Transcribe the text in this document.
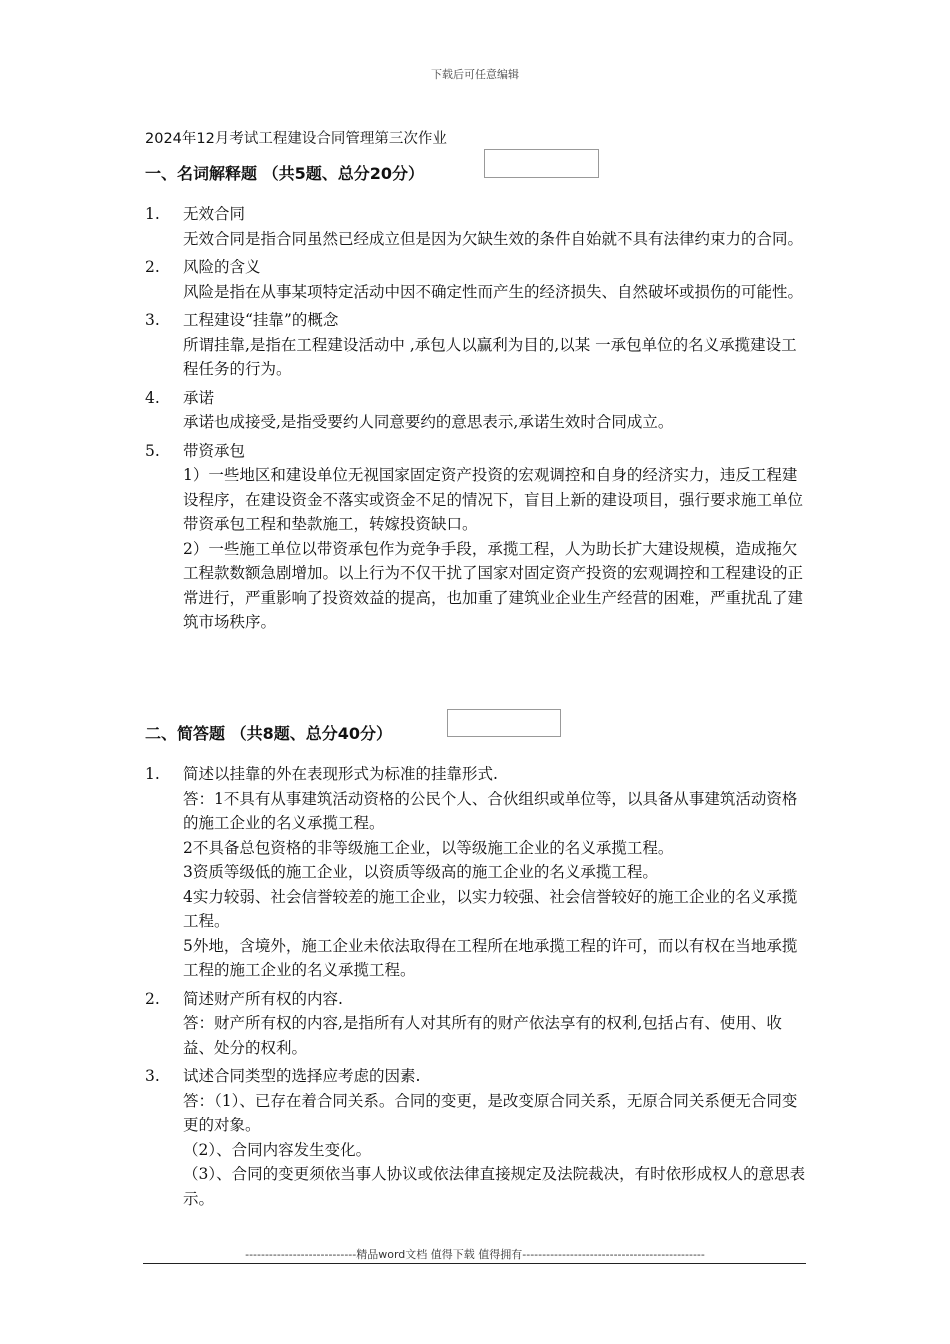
下载后可任意编辑
2024年12月考试工程建设合同管理第三次作业
一、名词解释题 （共5题、总分20分）
1.	无效合同

无效合同是指合同虽然已经成立但是因为欠缺生效的条件自始就不具有法律约束力的合同。

2.	风险的含义

风险是指在从事某项特定活动中因不确定性而产生的经济损失、自然破坏或损伤的可能性。

3.	工程建设“挂靠”的概念

所谓挂靠,是指在工程建设活动中 ,承包人以赢利为目的,以某 一承包单位的名义承揽建设工程任务的行为。

4.	承诺

承诺也成接受,是指受要约人同意要约的意思表示,承诺生效时合同成立。

5.	带资承包

1）一些地区和建设单位无视国家固定资产投资的宏观调控和自身的经济实力，违反工程建设程序，在建设资金不落实或资金不足的情况下，盲目上新的建设项目，强行要求施工单位带资承包工程和垫款施工，转嫁投资缺口。

2）一些施工单位以带资承包作为竞争手段，承揽工程，人为助长扩大建设规模，造成拖欠工程款数额急剧增加。以上行为不仅干扰了国家对固定资产投资的宏观调控和工程建设的正常进行，严重影响了投资效益的提高，也加重了建筑业企业生产经营的困难，严重扰乱了建筑市场秩序。

二、简答题 （共8题、总分40分）
1.	简述以挂靠的外在表现形式为标准的挂靠形式.

答：1不具有从事建筑活动资格的公民个人、合伙组织或单位等，以具备从事建筑活动资格的施工企业的名义承揽工程。

2不具备总包资格的非等级施工企业，以等级施工企业的名义承揽工程。

3资质等级低的施工企业，以资质等级高的施工企业的名义承揽工程。

4实力较弱、社会信誉较差的施工企业，以实力较强、社会信誉较好的施工企业的名义承揽工程。

5外地，含境外，施工企业未依法取得在工程所在地承揽工程的许可，而以有权在当地承揽工程的施工企业的名义承揽工程。

2.	简述财产所有权的内容.

答：财产所有权的内容,是指所有人对其所有的财产依法享有的权利,包括占有、使用、收益、处分的权利。

3.	试述合同类型的选择应考虑的因素.

答：（1）、已存在着合同关系。合同的变更，是改变原合同关系，无原合同关系便无合同变更的对象。

（2）、合同内容发生变化。

（3）、合同的变更须依当事人协议或依法律直接规定及法院裁决，有时依形成权人的意思表示。

----------------------------精品word文档 值得下载 值得拥有----------------------------------------------
